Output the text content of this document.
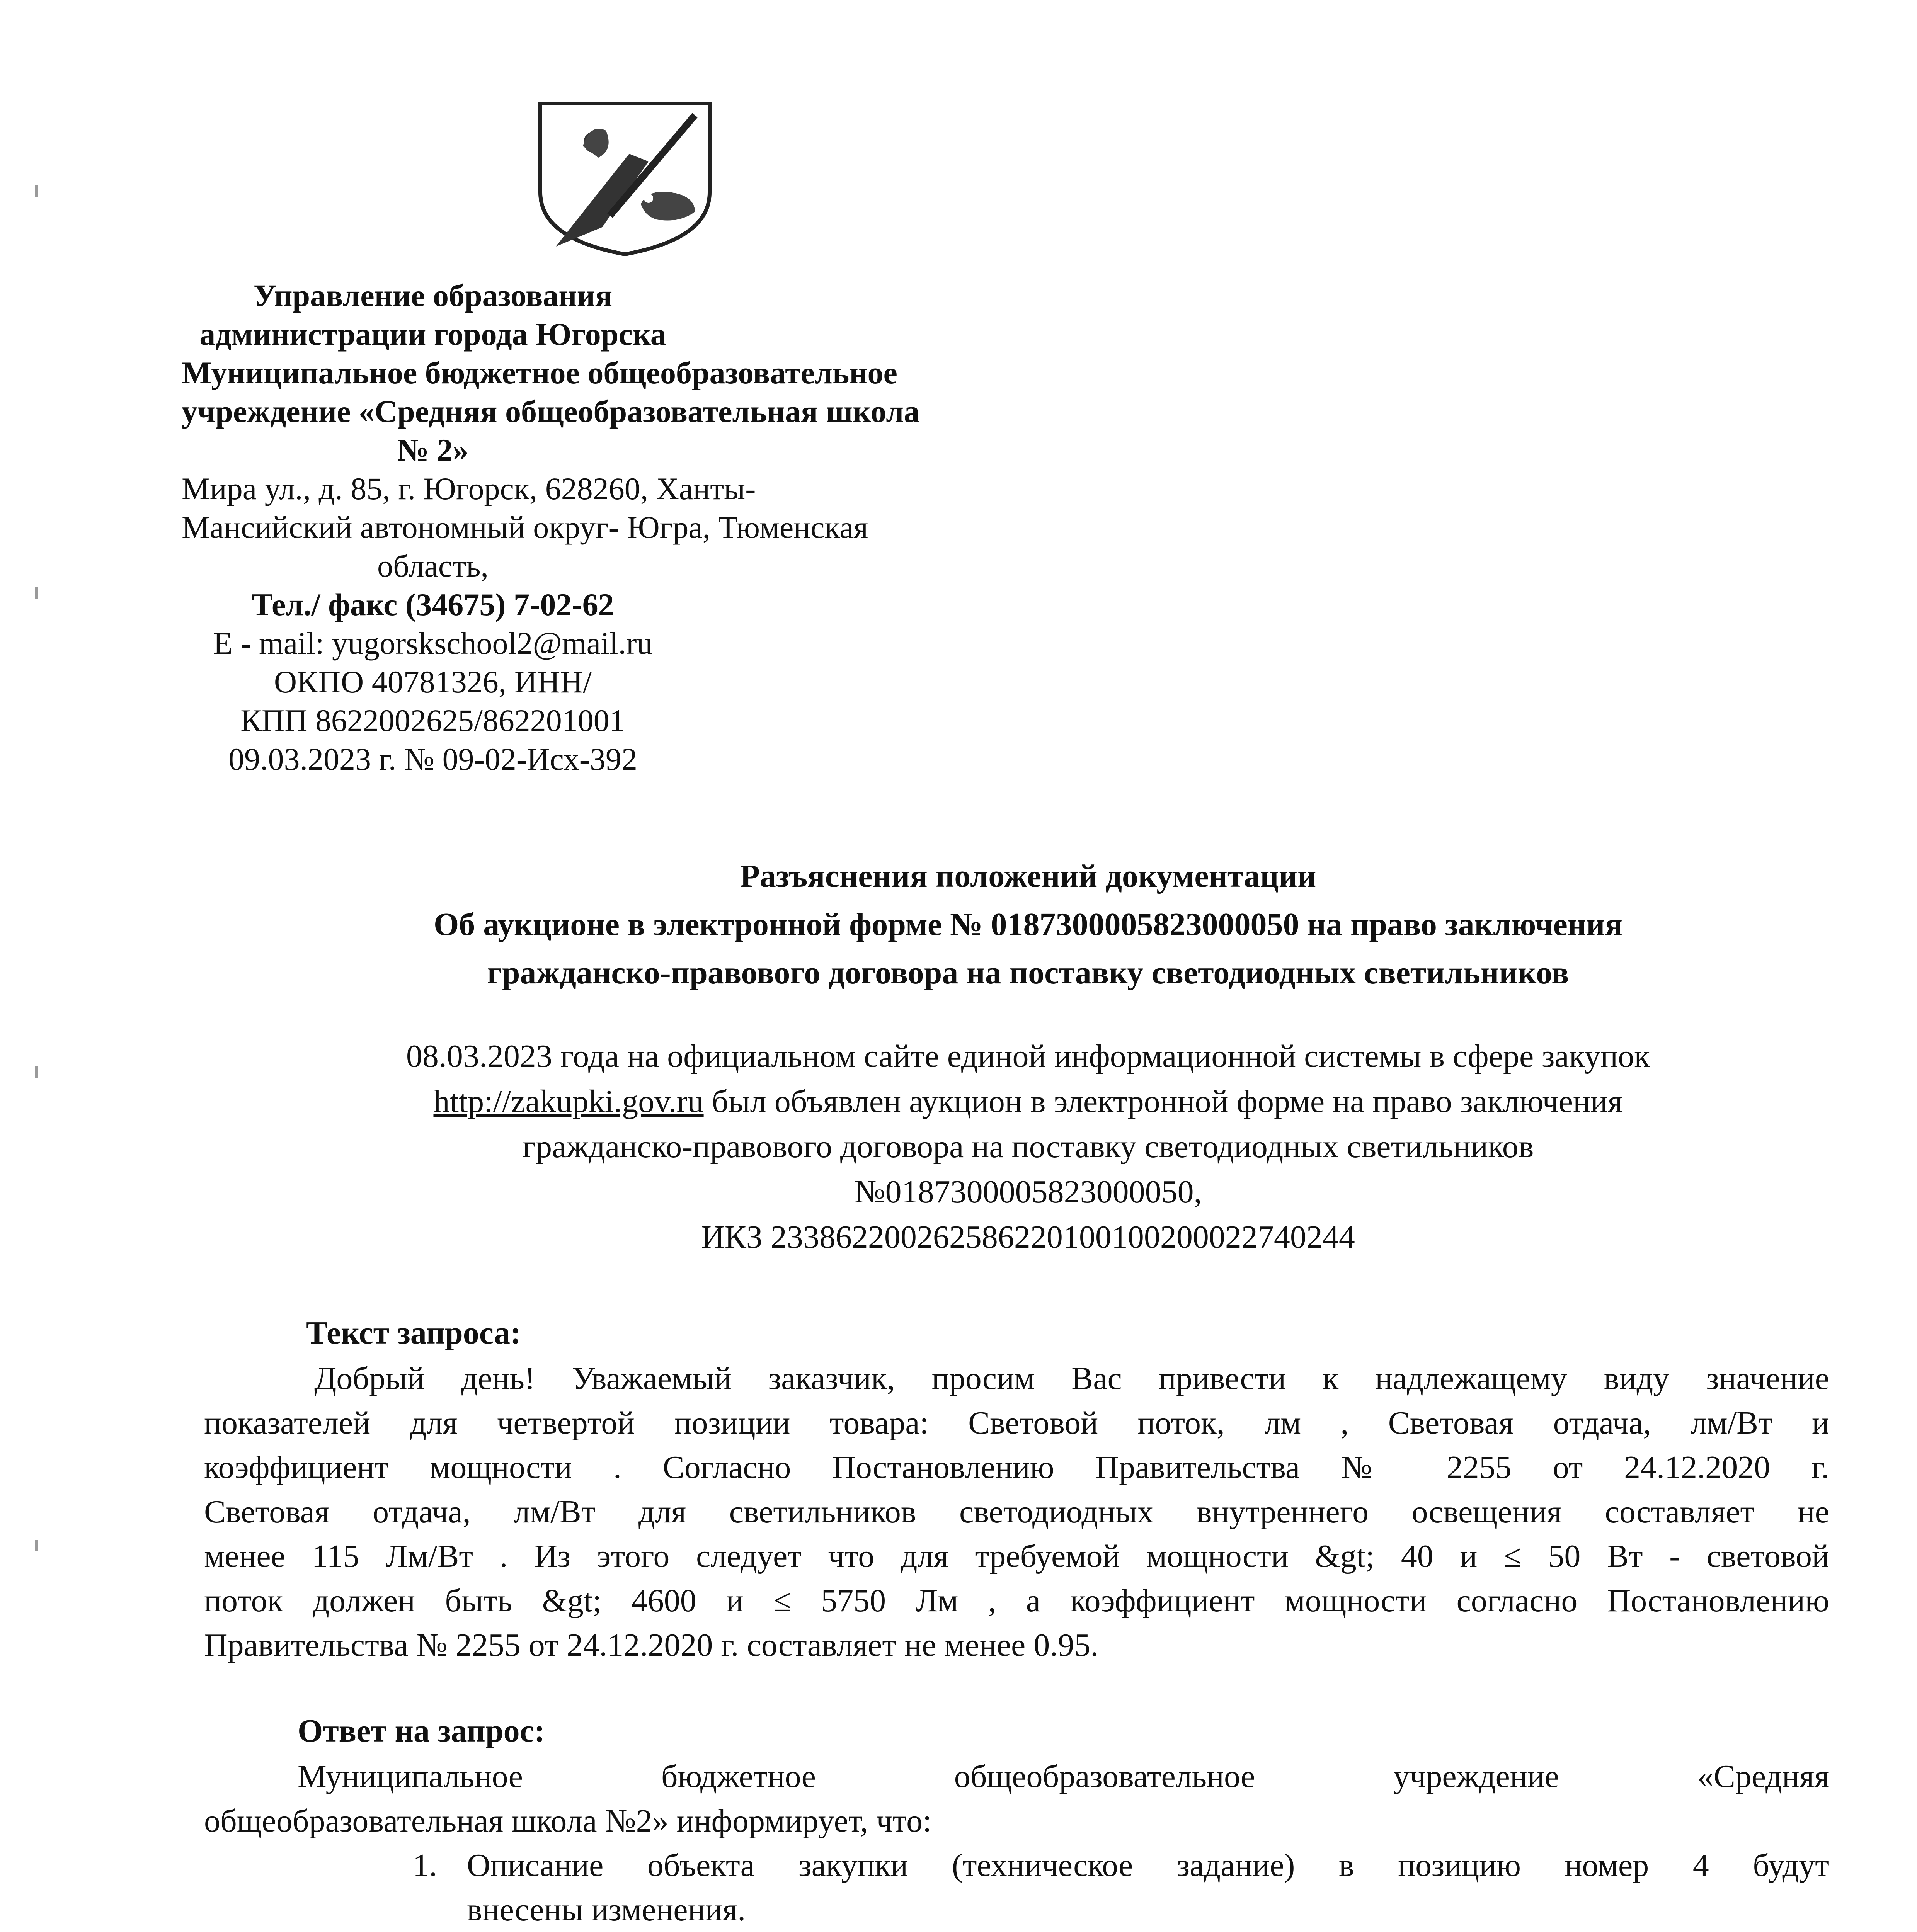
Управление образования
администрации города Югорска
Муниципальное бюджетное общеобразовательное
учреждение «Средняя общеобразовательная школа
№ 2»
Мира ул., д. 85, г. Югорск, 628260, Ханты-
Мансийский автономный округ- Югра, Тюменская
область,
Тел./ факс (34675) 7-02-62
E - mail: yugorskschool2@mail.ru
ОКПО 40781326, ИНН/
КПП 8622002625/862201001
09.03.2023 г. № 09-02-Исх-392
Разъяснения положений документации
Об аукционе в электронной форме № 0187300005823000050 на право заключения
гражданско-правового договора на поставку светодиодных светильников
08.03.2023 года на официальном сайте единой информационной системы в сфере закупок
http://zakupki.gov.ru был объявлен аукцион в электронной форме на право заключения
гражданско-правового договора на поставку светодиодных светильников
№0187300005823000050,
ИКЗ 233862200262586220100100200022740244
Текст запроса:
Добрый день! Уважаемый заказчик, просим Вас привести к надлежащему виду значение
показателей для четвертой позиции товара: Световой поток, лм , Световая отдача, лм/Вт и
коэффициент мощности . Согласно Постановлению Правительства № 2255 от 24.12.2020 г.
Световая отдача, лм/Вт для светильников светодиодных внутреннего освещения составляет не
менее 115 Лм/Вт . Из этого следует что для требуемой мощности &gt; 40 и ≤ 50 Вт - световой
поток должен быть &gt; 4600 и ≤ 5750 Лм , а коэффициент мощности согласно Постановлению
Правительства № 2255 от 24.12.2020 г. составляет не менее 0.95.
Ответ на запрос:
Муниципальное бюджетное общеобразовательное учреждение «Средняя
общеобразовательная школа №2» информирует, что:
1. Описание объекта закупки (техническое задание) в позицию номер 4 будут
внесены изменения.
